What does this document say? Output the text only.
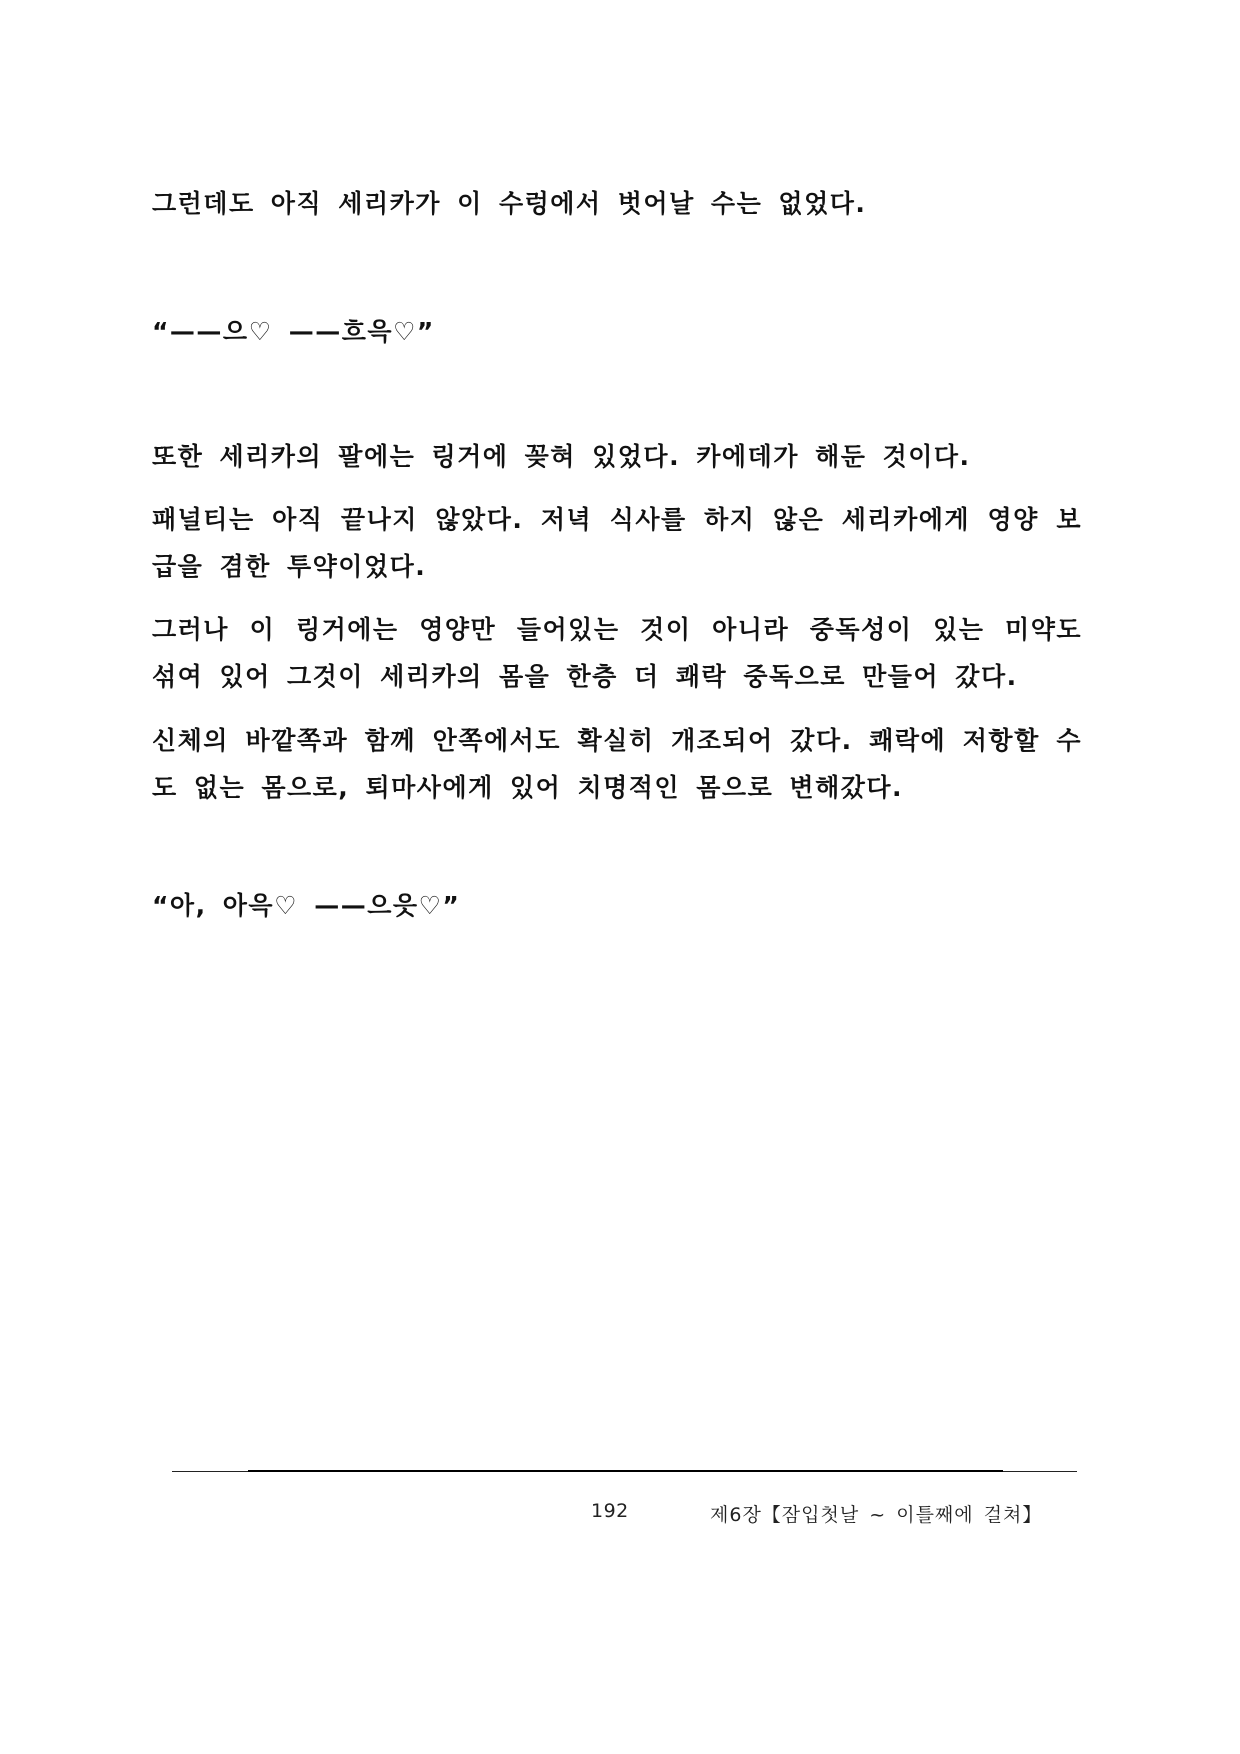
그런데도 아직 세리카가 이 수렁에서 벗어날 수는 없었다.

“——으♡ ——흐윽♡”

또한 세리카의 팔에는 링거에 꽂혀 있었다. 카에데가 해둔 것이다.

패널티는 아직 끝나지 않았다. 저녁 식사를 하지 않은 세리카에게 영양 보급을 겸한 투약이었다.

그러나 이 링거에는 영양만 들어있는 것이 아니라 중독성이 있는 미약도 섞여 있어 그것이 세리카의 몸을 한층 더 쾌락 중독으로 만들어 갔다.

신체의 바깥쪽과 함께 안쪽에서도 확실히 개조되어 갔다. 쾌락에 저항할 수도 없는 몸으로, 퇴마사에게 있어 치명적인 몸으로 변해갔다.

“아, 아윽♡ ——으읏♡”

192	제6장【잠입첫날 ~ 이틀째에 걸쳐】
